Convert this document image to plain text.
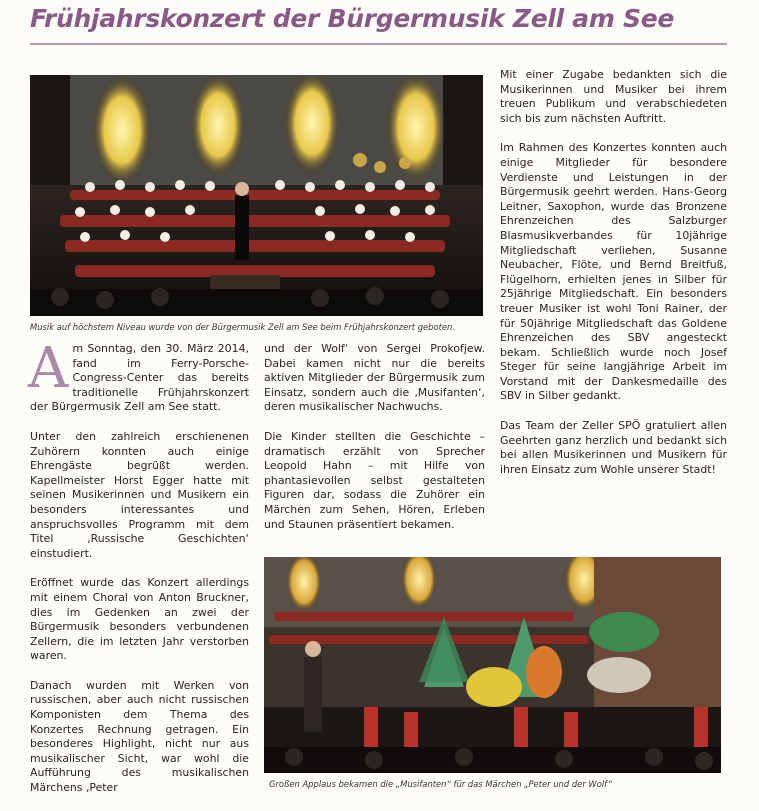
Frühjahrskonzert der Bürgermusik Zell am See

Musik auf höchstem Niveau wurde von der Bürgermusik Zell am See beim Frühjahrskonzert geboten.

Am Sonntag, den 30. März 2014, fand im Ferry-Porsche-Congress-Center das bereits traditionelle Frühjahrskonzert der Bürgermusik Zell am See statt.

Unter den zahlreich erschienenen Zuhörern konnten auch einige Ehrengäste begrüßt werden. Kapellmeister Horst Egger hatte mit seinen Musikerinnen und Musikern ein besonders interessantes und anspruchsvolles Programm mit dem Titel ‚Russische Geschichten‘ einstudiert.

Eröffnet wurde das Konzert allerdings mit einem Choral von Anton Bruckner, dies im Gedenken an zwei der Bürgermusik besonders verbundenen Zellern, die im letzten Jahr verstorben waren.

Danach wurden mit Werken von russischen, aber auch nicht russischen Komponisten dem Thema des Konzertes Rechnung getragen. Ein besonderes Highlight, nicht nur aus musikalischer Sicht, war wohl die Aufführung des musikalischen Märchens ‚Peter

und der Wolf‘ von Sergei Prokofjew. Dabei kamen nicht nur die bereits aktiven Mitglieder der Bürgermusik zum Einsatz, sondern auch die ‚Musifanten‘, deren musikalischer Nachwuchs.

Die Kinder stellten die Geschichte – dramatisch erzählt von Sprecher Leopold Hahn – mit Hilfe von phantasievollen selbst gestalteten Figuren dar, sodass die Zuhörer ein Märchen zum Sehen, Hören, Erleben und Staunen präsentiert bekamen.

Mit einer Zugabe bedankten sich die Musikerinnen und Musiker bei ihrem treuen Publikum und verabschiedeten sich bis zum nächsten Auftritt.

Im Rahmen des Konzertes konnten auch einige Mitglieder für besondere Verdienste und Leistungen in der Bürgermusik geehrt werden. Hans-Georg Leitner, Saxophon, wurde das Bronzene Ehrenzeichen des Salzburger Blasmusikverbandes für 10jährige Mitgliedschaft verliehen, Susanne Neubacher, Flöte, und Bernd Breitfuß, Flügelhorn, erhielten jenes in Silber für 25jährige Mitgliedschaft. Ein besonders treuer Musiker ist wohl Toni Rainer, der für 50jährige Mitgliedschaft das Goldene Ehrenzeichen des SBV angesteckt bekam. Schließlich wurde noch Josef Steger für seine langjährige Arbeit im Vorstand mit der Dankesmedaille des SBV in Silber gedankt.

Das Team der Zeller SPÖ gratuliert allen Geehrten ganz herzlich und bedankt sich bei allen Musikerinnen und Musikern für ihren Einsatz zum Wohle unserer Stadt!

Großen Applaus bekamen die „Musifanten“ für das Märchen „Peter und der Wolf“
